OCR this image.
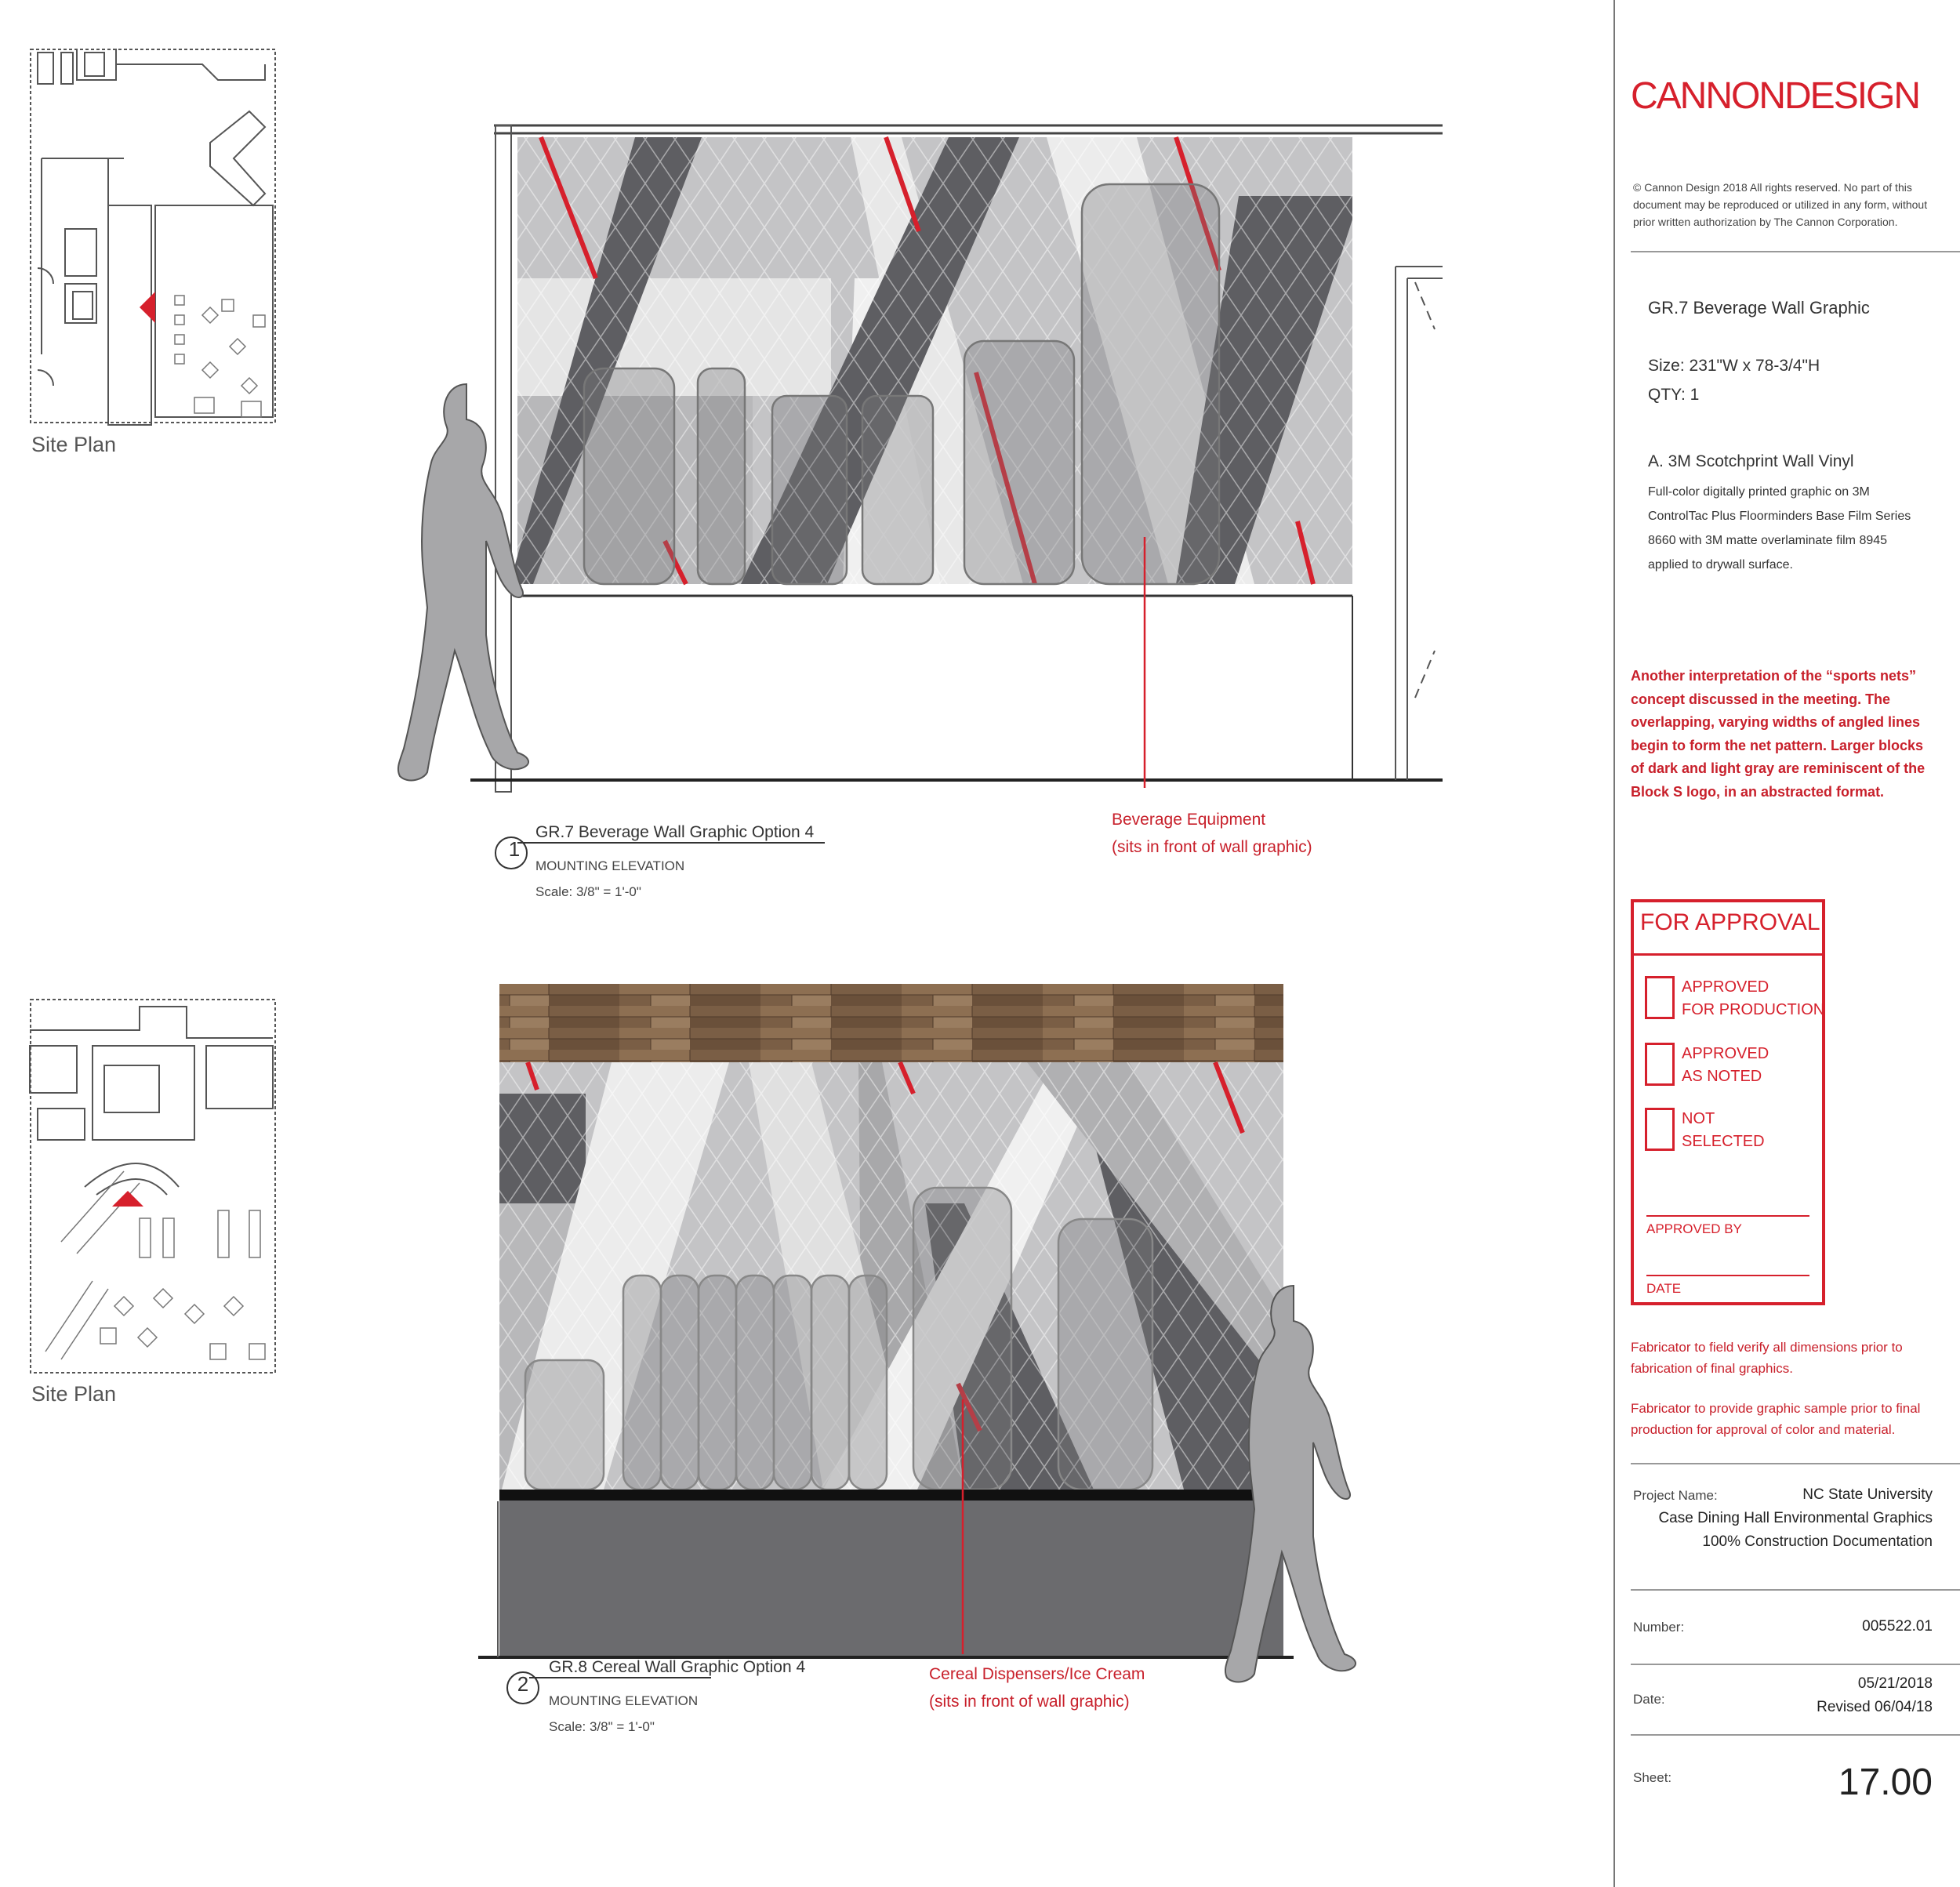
CANNONDESIGN
© Cannon Design 2018 All rights reserved. No part of this document may be reproduced or utilized in any form, without prior written authorization by The Cannon Corporation.
GR.7 Beverage Wall Graphic
Size: 231"W x 78-3/4"H
QTY: 1
A. 3M Scotchprint Wall Vinyl
Full-color digitally printed graphic on 3M ControlTac Plus Floorminders Base Film Series 8660 with 3M matte overlaminate film 8945 applied to drywall surface.
Another interpretation of the “sports nets” concept discussed in the meeting. The overlapping, varying widths of angled lines begin to form the net pattern. Larger blocks of dark and light gray are reminiscent of the Block S logo, in an abstracted format.
FOR APPROVAL
APPROVED
FOR PRODUCTION
APPROVED
AS NOTED
NOT
SELECTED
APPROVED BY
DATE
Fabricator to field verify all dimensions prior to fabrication of final graphics.
Fabricator to provide graphic sample prior to final production for approval of color and material.
Project Name:	NC State University
Case Dining Hall Environmental Graphics
100% Construction Documentation
Number:	005522.01
Date:
05/21/2018
Revised 06/04/18
Sheet:	17.00
Site Plan
Site Plan
1
GR.7 Beverage Wall Graphic Option 4
MOUNTING ELEVATION
Scale: 3/8" = 1'-0"
Beverage Equipment
(sits in front of wall graphic)
2
GR.8 Cereal Wall Graphic Option 4
MOUNTING ELEVATION
Scale: 3/8" = 1'-0"
Cereal Dispensers/Ice Cream
(sits in front of wall graphic)
